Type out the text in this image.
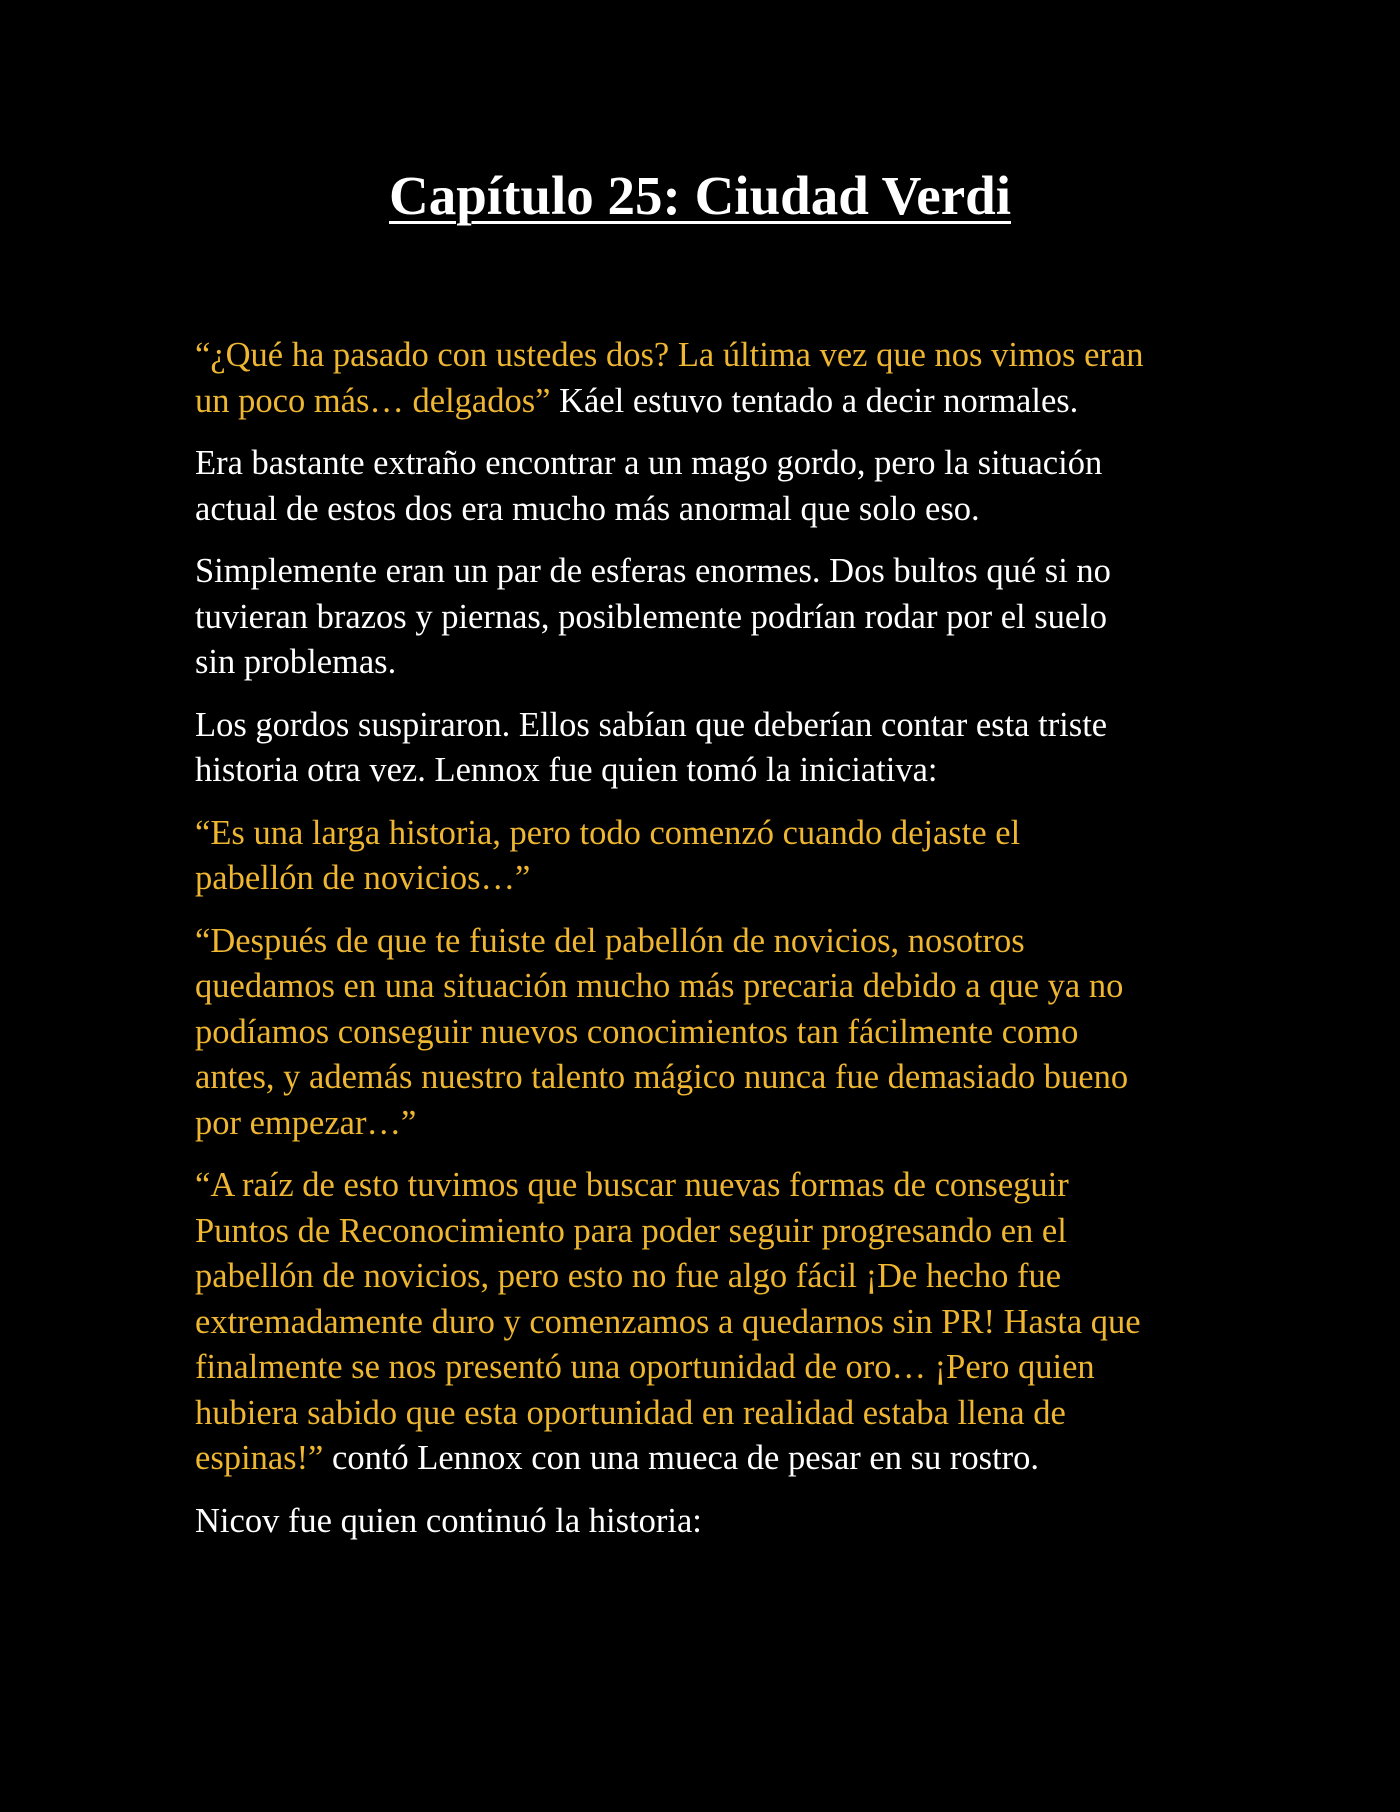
Capítulo 25: Ciudad Verdi

“¿Qué ha pasado con ustedes dos? La última vez que nos vimos eran
un poco más… delgados” Káel estuvo tentado a decir normales.

Era bastante extraño encontrar a un mago gordo, pero la situación
actual de estos dos era mucho más anormal que solo eso.

Simplemente eran un par de esferas enormes. Dos bultos qué si no
tuvieran brazos y piernas, posiblemente podrían rodar por el suelo
sin problemas.

Los gordos suspiraron. Ellos sabían que deberían contar esta triste
historia otra vez. Lennox fue quien tomó la iniciativa:

“Es una larga historia, pero todo comenzó cuando dejaste el
pabellón de novicios…”

“Después de que te fuiste del pabellón de novicios, nosotros
quedamos en una situación mucho más precaria debido a que ya no
podíamos conseguir nuevos conocimientos tan fácilmente como
antes, y además nuestro talento mágico nunca fue demasiado bueno
por empezar…”

“A raíz de esto tuvimos que buscar nuevas formas de conseguir
Puntos de Reconocimiento para poder seguir progresando en el
pabellón de novicios, pero esto no fue algo fácil ¡De hecho fue
extremadamente duro y comenzamos a quedarnos sin PR! Hasta que
finalmente se nos presentó una oportunidad de oro… ¡Pero quien
hubiera sabido que esta oportunidad en realidad estaba llena de
espinas!” contó Lennox con una mueca de pesar en su rostro.

Nicov fue quien continuó la historia:
